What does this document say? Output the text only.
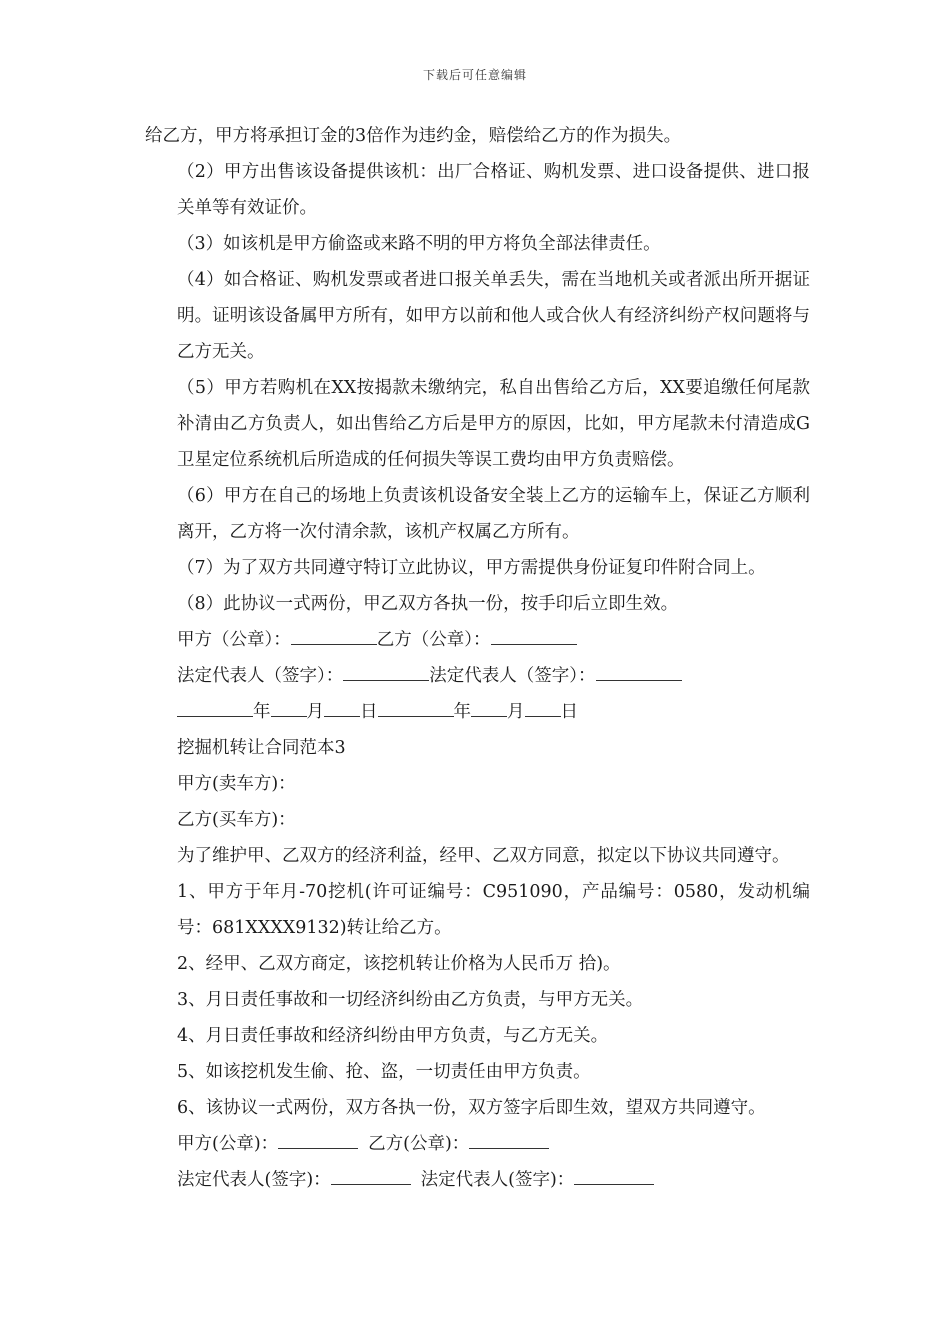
下载后可任意编辑

给乙方，甲方将承担订金的3倍作为违约金，赔偿给乙方的作为损失。

（2）甲方出售该设备提供该机：出厂合格证、购机发票、进口设备提供、进口报关单等有效证价。

（3）如该机是甲方偷盗或来路不明的甲方将负全部法律责任。

（4）如合格证、购机发票或者进口报关单丢失，需在当地机关或者派出所开据证明。证明该设备属甲方所有，如甲方以前和他人或合伙人有经济纠纷产权问题将与乙方无关。

（5）甲方若购机在XX按揭款未缴纳完，私自出售给乙方后，XX要追缴任何尾款补清由乙方负责人，如出售给乙方后是甲方的原因，比如，甲方尾款未付清造成G卫星定位系统机后所造成的任何损失等误工费均由甲方负责赔偿。

（6）甲方在自己的场地上负责该机设备安全装上乙方的运输车上，保证乙方顺利离开，乙方将一次付清余款，该机产权属乙方所有。

（7）为了双方共同遵守特订立此协议，甲方需提供身份证复印件附合同上。

（8）此协议一式两份，甲乙双方各执一份，按手印后立即生效。

甲方（公章）：	乙方（公章）：

法定代表人（签字）：	法定代表人（签字）：

年 月 日	年 月 日

挖掘机转让合同范本3

甲方(卖车方)：

乙方(买车方)：

为了维护甲、乙双方的经济利益，经甲、乙双方同意，拟定以下协议共同遵守。

1、甲方于年月-70挖机(许可证编号：C951090，产品编号：0580，发动机编号：681XXXX9132)转让给乙方。

2、经甲、乙双方商定，该挖机转让价格为人民币万 拾)。

3、月日责任事故和一切经济纠纷由乙方负责，与甲方无关。

4、月日责任事故和经济纠纷由甲方负责，与乙方无关。

5、如该挖机发生偷、抢、盗，一切责任由甲方负责。

6、该协议一式两份，双方各执一份，双方签字后即生效，望双方共同遵守。

甲方(公章)：	乙方(公章)：

法定代表人(签字)：	法定代表人(签字)：
